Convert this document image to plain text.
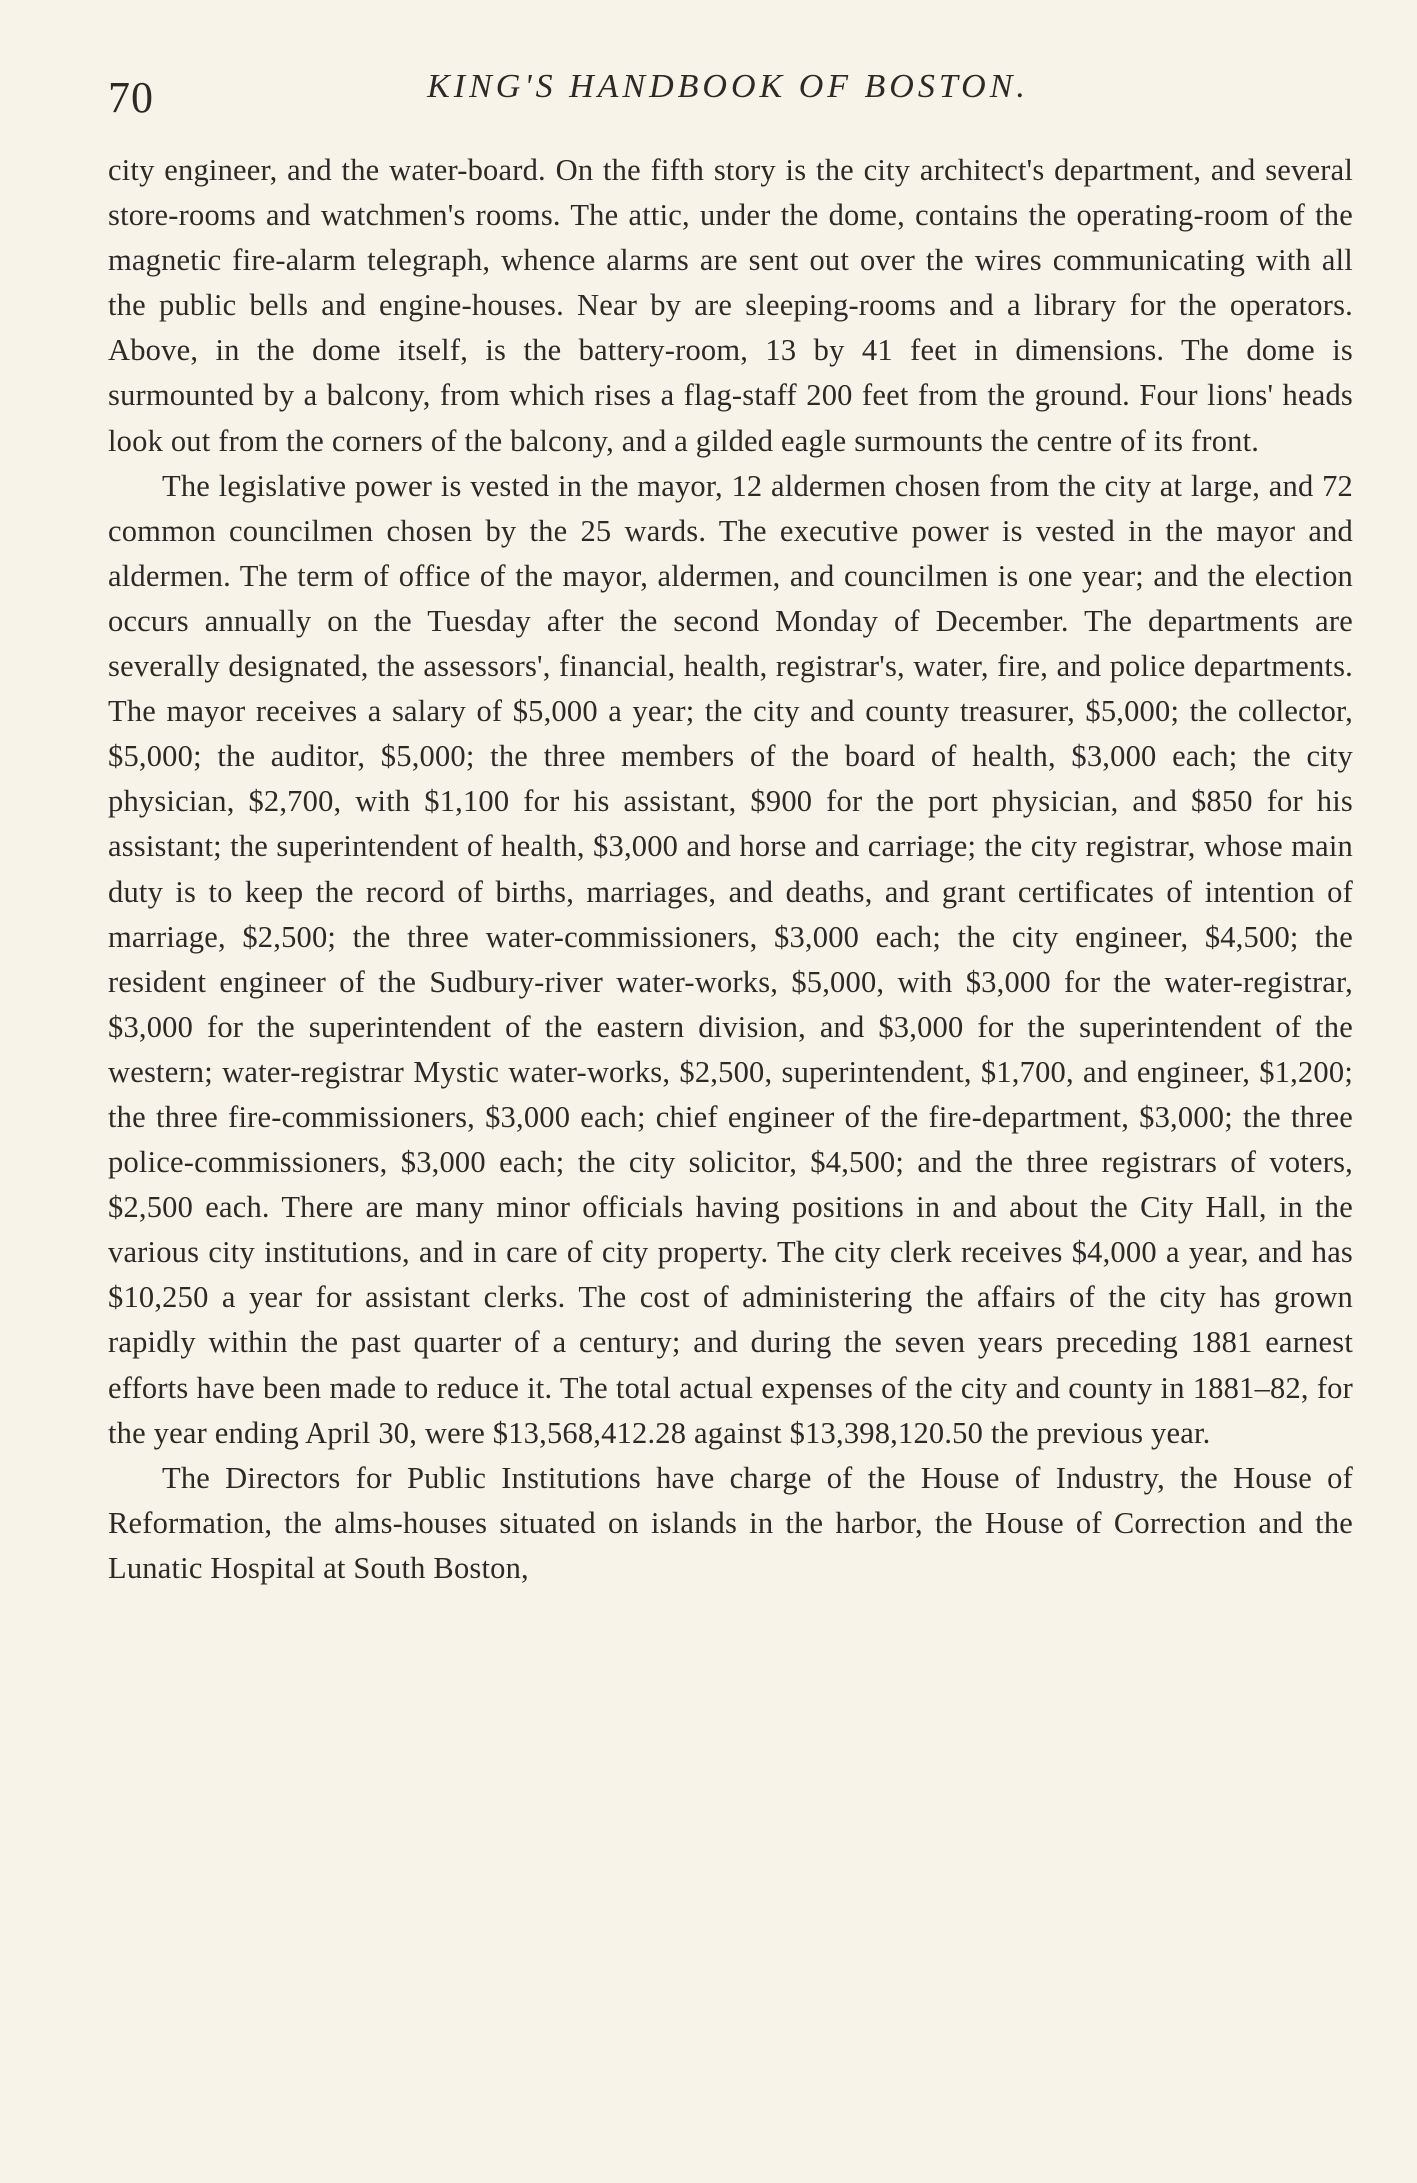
70	KING'S HANDBOOK OF BOSTON.

city engineer, and the water-board. On the fifth story is the city architect's department, and several store-rooms and watchmen's rooms. The attic, under the dome, contains the operating-room of the magnetic fire-alarm telegraph, whence alarms are sent out over the wires communicating with all the public bells and engine-houses. Near by are sleeping-rooms and a library for the operators. Above, in the dome itself, is the battery-room, 13 by 41 feet in dimensions. The dome is surmounted by a balcony, from which rises a flag-staff 200 feet from the ground. Four lions' heads look out from the corners of the balcony, and a gilded eagle surmounts the centre of its front.

The legislative power is vested in the mayor, 12 aldermen chosen from the city at large, and 72 common councilmen chosen by the 25 wards. The executive power is vested in the mayor and aldermen. The term of office of the mayor, aldermen, and councilmen is one year; and the election occurs annually on the Tuesday after the second Monday of December. The departments are severally designated, the assessors', financial, health, registrar's, water, fire, and police departments. The mayor receives a salary of $5,000 a year; the city and county treasurer, $5,000; the collector, $5,000; the auditor, $5,000; the three members of the board of health, $3,000 each; the city physician, $2,700, with $1,100 for his assistant, $900 for the port physician, and $850 for his assistant; the superintendent of health, $3,000 and horse and carriage; the city registrar, whose main duty is to keep the record of births, marriages, and deaths, and grant certificates of intention of marriage, $2,500; the three water-commissioners, $3,000 each; the city engineer, $4,500; the resident engineer of the Sudbury-river water-works, $5,000, with $3,000 for the water-registrar, $3,000 for the superintendent of the eastern division, and $3,000 for the superintendent of the western; water-registrar Mystic water-works, $2,500, superintendent, $1,700, and engineer, $1,200; the three fire-commissioners, $3,000 each; chief engineer of the fire-department, $3,000; the three police-commissioners, $3,000 each; the city solicitor, $4,500; and the three registrars of voters, $2,500 each. There are many minor officials having positions in and about the City Hall, in the various city institutions, and in care of city property. The city clerk receives $4,000 a year, and has $10,250 a year for assistant clerks. The cost of administering the affairs of the city has grown rapidly within the past quarter of a century; and during the seven years preceding 1881 earnest efforts have been made to reduce it. The total actual expenses of the city and county in 1881–82, for the year ending April 30, were $13,568,412.28 against $13,398,120.50 the previous year.

The Directors for Public Institutions have charge of the House of Industry, the House of Reformation, the alms-houses situated on islands in the harbor, the House of Correction and the Lunatic Hospital at South Boston,
